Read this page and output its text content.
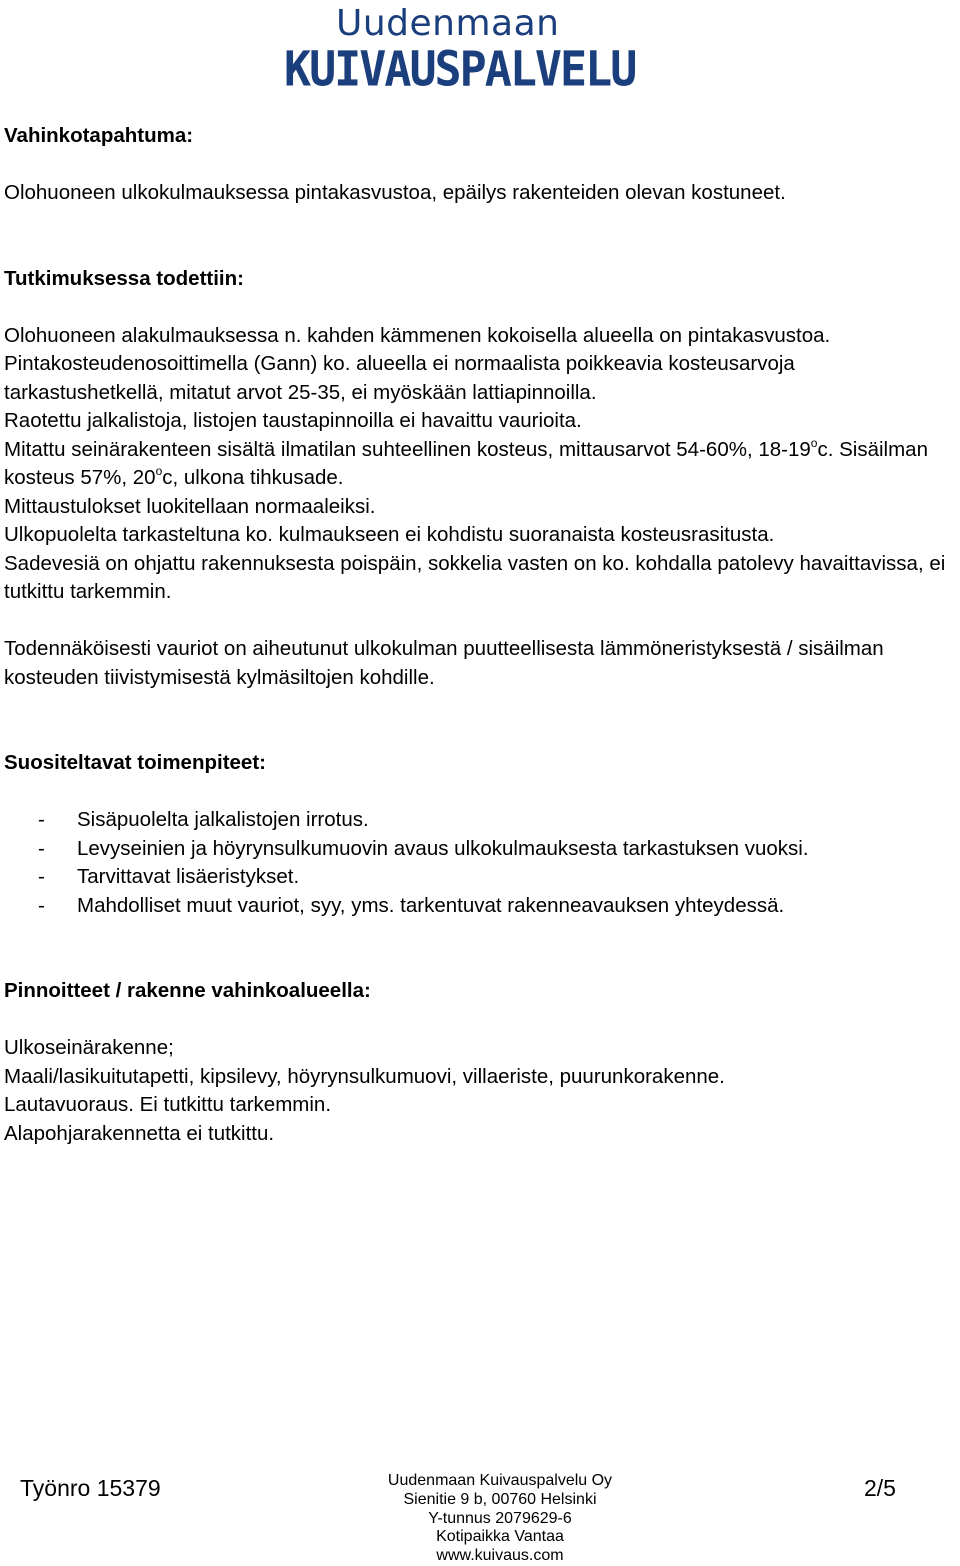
Uudenmaan
KUIVAUSPALVELU
Vahinkotapahtuma:

Olohuoneen ulkokulmauksessa pintakasvustoa, epäilys rakenteiden olevan kostuneet.

Tutkimuksessa todettiin:

Olohuoneen alakulmauksessa n. kahden kämmenen kokoisella alueella on pintakasvustoa.

Pintakosteudenosoittimella (Gann) ko. alueella ei normaalista poikkeavia kosteusarvoja tarkastushetkellä, mitatut arvot 25-35, ei myöskään lattiapinnoilla.

Raotettu jalkalistoja, listojen taustapinnoilla ei havaittu vaurioita.

Mitattu seinärakenteen sisältä ilmatilan suhteellinen kosteus, mittausarvot 54-60%, 18-19$^o$c. Sisäilman kosteus 57%, 20$^o$c, ulkona tihkusade.

Mittaustulokset luokitellaan normaaleiksi.

Ulkopuolelta tarkasteltuna ko. kulmaukseen ei kohdistu suoranaista kosteusrasitusta.

Sadevesiä on ohjattu rakennuksesta poispäin, sokkelia vasten on ko. kohdalla patolevy havaittavissa, ei tutkittu tarkemmin.

Todennäköisesti vauriot on aiheutunut ulkokulman puutteellisesta lämmöneristyksestä / sisäilman kosteuden tiivistymisestä kylmäsiltojen kohdille.

Suositeltavat toimenpiteet:
- Sisäpuolelta jalkalistojen irrotus.
- Levyseinien ja höyrynsulkumuovin avaus ulkokulmauksesta tarkastuksen vuoksi.
- Tarvittavat lisäeristykset.
- Mahdolliset muut vauriot, syy, yms. tarkentuvat rakenneavauksen yhteydessä.
Pinnoitteet / rakenne vahinkoalueella:

Ulkoseinärakenne;

Maali/lasikuitutapetti, kipsilevy, höyrynsulkumuovi, villaeriste, puurunkorakenne.

Lautavuoraus. Ei tutkittu tarkemmin.

Alapohjarakennetta ei tutkittu.

Työnro 15379	Uudenmaan Kuivauspalvelu Oy
Sienitie 9 b, 00760 Helsinki
Y-tunnus 2079629-6
Kotipaikka Vantaa
www.kuivaus.com
2/5
